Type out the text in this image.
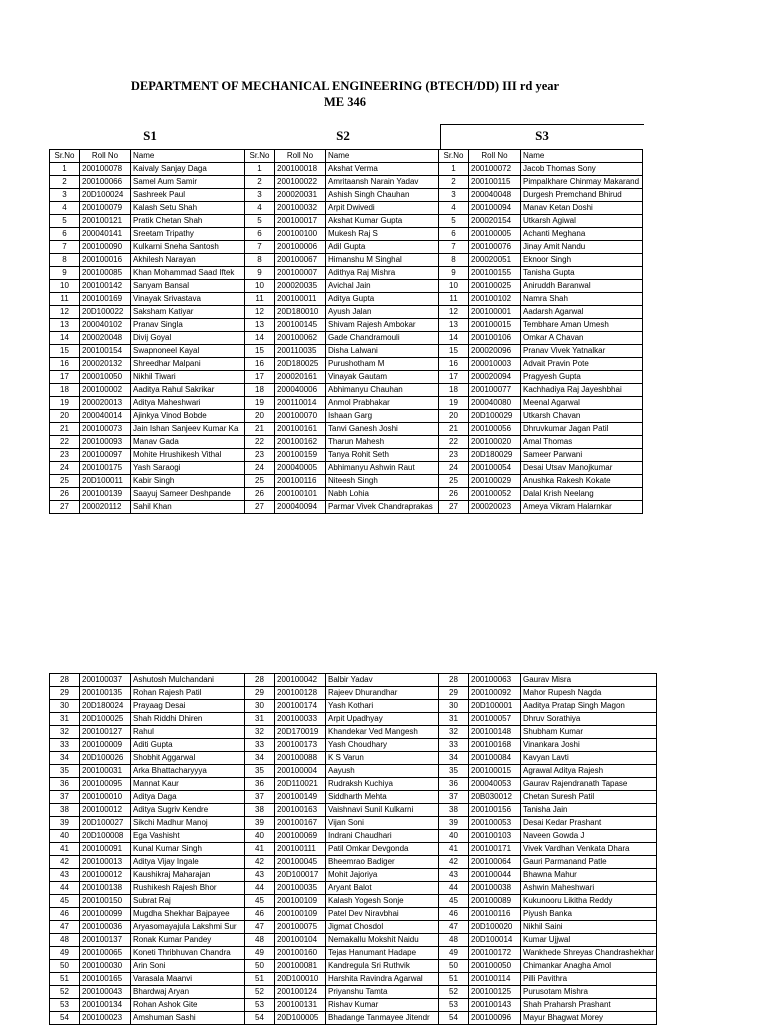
DEPARTMENT OF MECHANICAL ENGINEERING (BTECH/DD) III rd year
ME 346
S1	S2	S3
Sr.No	Roll No	Name	Sr.No	Roll No	Name	Sr.No	Roll No	Name
1	200100078	Kaivaly Sanjay Daga	1	200100018	Akshat Verma	1	200100072	Jacob Thomas Sony
2	200100066	Samel Aum Samir	2	200100022	Amritaansh Narain Yadav	2	200100115	Pimpalkhare Chinmay Makarand
3	20D100024	Sashreek Paul	3	200020031	Ashish Singh Chauhan	3	200040048	Durgesh Premchand Bhirud
4	200100079	Kalash Setu Shah	4	200100032	Arpit Dwivedi	4	200100094	Manav Ketan Doshi
5	200100121	Pratik Chetan Shah	5	200100017	Akshat Kumar Gupta	5	200020154	Utkarsh Agiwal
6	200040141	Sreetam Tripathy	6	200100100	Mukesh Raj S	6	200100005	Achanti Meghana
7	200100090	Kulkarni Sneha Santosh	7	200100006	Adil Gupta	7	200100076	Jinay Amit Nandu
8	200100016	Akhilesh Narayan	8	200100067	Himanshu M Singhal	8	200020051	Eknoor Singh
9	200100085	Khan Mohammad Saad Iftek	9	200100007	Adithya Raj Mishra	9	200100155	Tanisha Gupta
10	200100142	Sanyam Bansal	10	200020035	Avichal Jain	10	200100025	Aniruddh Baranwal
11	200100169	Vinayak Srivastava	11	200100011	Aditya Gupta	11	200100102	Namra Shah
12	20D100022	Saksham Katiyar	12	20D180010	Ayush Jalan	12	200100001	Aadarsh Agarwal
13	200040102	Pranav Singla	13	200100145	Shivam Rajesh Ambokar	13	200100015	Tembhare Aman Umesh
14	200020048	Divij Goyal	14	200100062	Gade Chandramouli	14	200100106	Omkar A Chavan
15	200100154	Swapnoneel Kayal	15	200110035	Disha Lalwani	15	200020096	Pranav Vivek Yatnalkar
16	200020132	Shreedhar Malpani	16	20D180025	Purushotham M	16	200010003	Advait Pravin Pote
17	200010050	Nikhil Tiwari	17	200020161	Vinayak Gautam	17	200020094	Pragyesh Gupta
18	200100002	Aaditya Rahul Sakrikar	18	200040006	Abhimanyu Chauhan	18	200100077	Kachhadiya Raj Jayeshbhai
19	200020013	Aditya Maheshwari	19	200110014	Anmol Prabhakar	19	200040080	Meenal Agarwal
20	200040014	Ajinkya Vinod Bobde	20	200100070	Ishaan Garg	20	20D100029	Utkarsh Chavan
21	200100073	Jain Ishan Sanjeev Kumar Ka	21	200100161	Tanvi Ganesh Joshi	21	200100056	Dhruvkumar Jagan Patil
22	200100093	Manav Gada	22	200100162	Tharun Mahesh	22	200100020	Amal Thomas
23	200100097	Mohite Hrushikesh Vithal	23	200100159	Tanya Rohit Seth	23	20D180029	Sameer Parwani
24	200100175	Yash Saraogi	24	200040005	Abhimanyu Ashwin Raut	24	200100054	Desai Utsav Manojkumar
25	20D100011	Kabir Singh	25	200100116	Niteesh Singh	25	200100029	Anushka Rakesh Kokate
26	200100139	Saayuj Sameer Deshpande	26	200100101	Nabh Lohia	26	200100052	Dalal Krish Neelang
27	200020112	Sahil Khan	27	200040094	Parmar Vivek Chandraprakas	27	200020023	Ameya Vikram Halarnkar
28	200100037	Ashutosh Mulchandani	28	200100042	Balbir Yadav	28	200100063	Gaurav Misra
29	200100135	Rohan Rajesh Patil	29	200100128	Rajeev Dhurandhar	29	200100092	Mahor Rupesh Nagda
30	20D180024	Prayaag Desai	30	200100174	Yash Kothari	30	20D100001	Aaditya Pratap Singh Magon
31	20D100025	Shah Riddhi Dhiren	31	200100033	Arpit Upadhyay	31	200100057	Dhruv Sorathiya
32	200100127	Rahul	32	20D170019	Khandekar Ved Mangesh	32	200100148	Shubham Kumar
33	200100009	Aditi Gupta	33	200100173	Yash Choudhary	33	200100168	Vinankara Joshi
34	20D100026	Shobhit Aggarwal	34	200100088	K S Varun	34	200100084	Kavyan Lavti
35	200100031	Arka Bhattacharyyya	35	200100004	Aayush	35	200100015	Agrawal Aditya Rajesh
36	200100095	Mannat Kaur	36	20D110021	Rudraksh Kuchiya	36	200040053	Gaurav Rajendranath Tapase
37	200100010	Aditya Daga	37	200100149	Siddharth Mehta	37	20B030012	Chetan Suresh Patil
38	200100012	Aditya Sugriv Kendre	38	200100163	Vaishnavi Sunil Kulkarni	38	200100156	Tanisha Jain
39	20D100027	Sikchi Madhur Manoj	39	200100167	Vijan Soni	39	200100053	Desai Kedar Prashant
40	20D100008	Ega Vashisht	40	200100069	Indrani Chaudhari	40	200100103	Naveen Gowda J
41	200100091	Kunal Kumar Singh	41	200100111	Patil Omkar Devgonda	41	200100171	Vivek Vardhan Venkata Dhara
42	200100013	Aditya Vijay Ingale	42	200100045	Bheemrao Badiger	42	200100064	Gauri Parmanand Patle
43	200100012	Kaushikraj Maharajan	43	20D100017	Mohit Jajoriya	43	200100044	Bhawna Mahur
44	200100138	Rushikesh Rajesh Bhor	44	200100035	Aryant Balot	44	200100038	Ashwin Maheshwari
45	200100150	Subrat Raj	45	200100109	Kalash Yogesh Sonje	45	200100089	Kukunooru Likitha Reddy
46	200100099	Mugdha Shekhar Bajpayee	46	200100109	Patel Dev Niravbhai	46	200100116	Piyush Banka
47	200100036	Aryasomayajula Lakshmi Sur	47	200100075	Jigmat Chosdol	47	20D100020	Nikhil Saini
48	200100137	Ronak Kumar Pandey	48	200100104	Nemakallu Mokshit Naidu	48	20D100014	Kumar Ujjwal
49	200100065	Koneti Thribhuvan Chandra	49	200100160	Tejas Hanumant Hadape	49	200100172	Wankhede Shreyas Chandrashekhar
50	200100030	Arin Soni	50	200100081	Kandregula Sri Ruthvik	50	200100050	Chimankar Anagha Amol
51	200100165	Varasala Maanvi	51	20D100010	Harshita Ravindra Agarwal	51	200100114	Pilli Pavithra
52	200100043	Bhardwaj Aryan	52	200100124	Priyanshu Tamta	52	200100125	Purusotam Mishra
53	200100134	Rohan Ashok Gite	53	200100131	Rishav Kumar	53	200100143	Shah Praharsh Prashant
54	200100023	Amshuman Sashi	54	20D100005	Bhadange Tanmayee Jitendr	54	200100096	Mayur Bhagwat Morey
